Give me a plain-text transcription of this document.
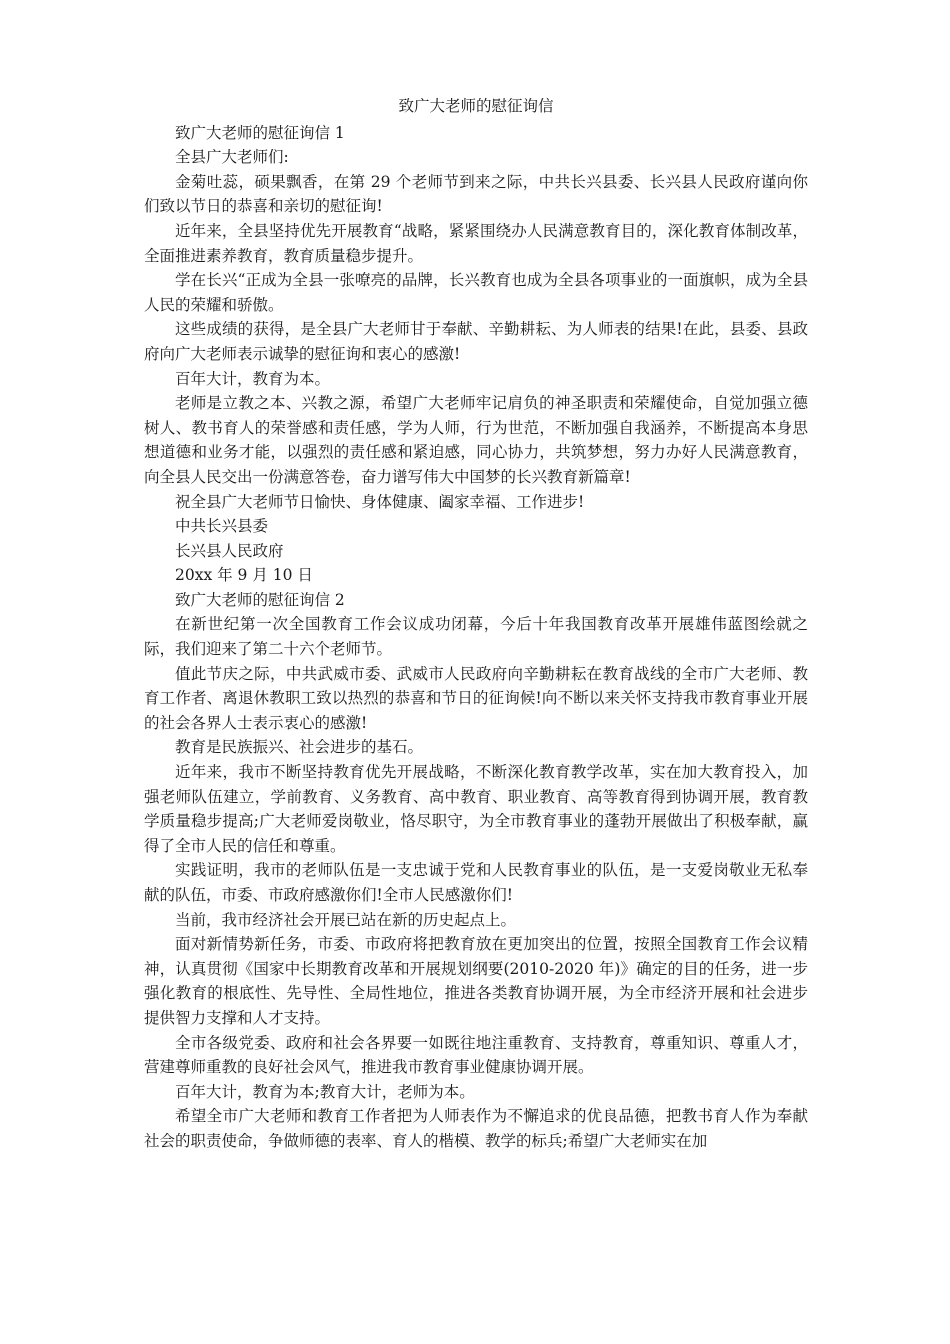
致广大老师的慰征询信

致广大老师的慰征询信 1

全县广大老师们:

金菊吐蕊，硕果飘香，在第 29 个老师节到来之际，中共长兴县委、长兴县人民政府谨向你们致以节日的恭喜和亲切的慰征询!

近年来，全县坚持优先开展教育“战略，紧紧围绕办人民满意教育目的，深化教育体制改革，全面推进素养教育，教育质量稳步提升。

学在长兴“正成为全县一张嘹亮的品牌，长兴教育也成为全县各项事业的一面旗帜，成为全县人民的荣耀和骄傲。

这些成绩的获得，是全县广大老师甘于奉献、辛勤耕耘、为人师表的结果!在此，县委、县政府向广大老师表示诚挚的慰征询和衷心的感激!

百年大计，教育为本。

老师是立教之本、兴教之源，希望广大老师牢记肩负的神圣职责和荣耀使命，自觉加强立德树人、教书育人的荣誉感和责任感，学为人师，行为世范，不断加强自我涵养，不断提高本身思想道德和业务才能，以强烈的责任感和紧迫感，同心协力，共筑梦想，努力办好人民满意教育，向全县人民交出一份满意答卷，奋力谱写伟大中国梦的长兴教育新篇章!

祝全县广大老师节日愉快、身体健康、阖家幸福、工作进步!

中共长兴县委

长兴县人民政府

20xx 年 9 月 10 日

致广大老师的慰征询信 2

在新世纪第一次全国教育工作会议成功闭幕，今后十年我国教育改革开展雄伟蓝图绘就之际，我们迎来了第二十六个老师节。

值此节庆之际，中共武威市委、武威市人民政府向辛勤耕耘在教育战线的全市广大老师、教育工作者、离退休教职工致以热烈的恭喜和节日的征询候!向不断以来关怀支持我市教育事业开展的社会各界人士表示衷心的感激!

教育是民族振兴、社会进步的基石。

近年来，我市不断坚持教育优先开展战略，不断深化教育教学改革，实在加大教育投入，加强老师队伍建立，学前教育、义务教育、高中教育、职业教育、高等教育得到协调开展，教育教学质量稳步提高;广大老师爱岗敬业，恪尽职守，为全市教育事业的蓬勃开展做出了积极奉献，赢得了全市人民的信任和尊重。

实践证明，我市的老师队伍是一支忠诚于党和人民教育事业的队伍，是一支爱岗敬业无私奉献的队伍，市委、市政府感激你们!全市人民感激你们!

当前，我市经济社会开展已站在新的历史起点上。

面对新情势新任务，市委、市政府将把教育放在更加突出的位置，按照全国教育工作会议精神，认真贯彻《国家中长期教育改革和开展规划纲要(2010-2020 年)》确定的目的任务，进一步强化教育的根底性、先导性、全局性地位，推进各类教育协调开展，为全市经济开展和社会进步提供智力支撑和人才支持。

全市各级党委、政府和社会各界要一如既往地注重教育、支持教育，尊重知识、尊重人才，营建尊师重教的良好社会风气，推进我市教育事业健康协调开展。

百年大计，教育为本;教育大计，老师为本。

希望全市广大老师和教育工作者把为人师表作为不懈追求的优良品德，把教书育人作为奉献社会的职责使命，争做师德的表率、育人的楷模、教学的标兵;希望广大老师实在加
